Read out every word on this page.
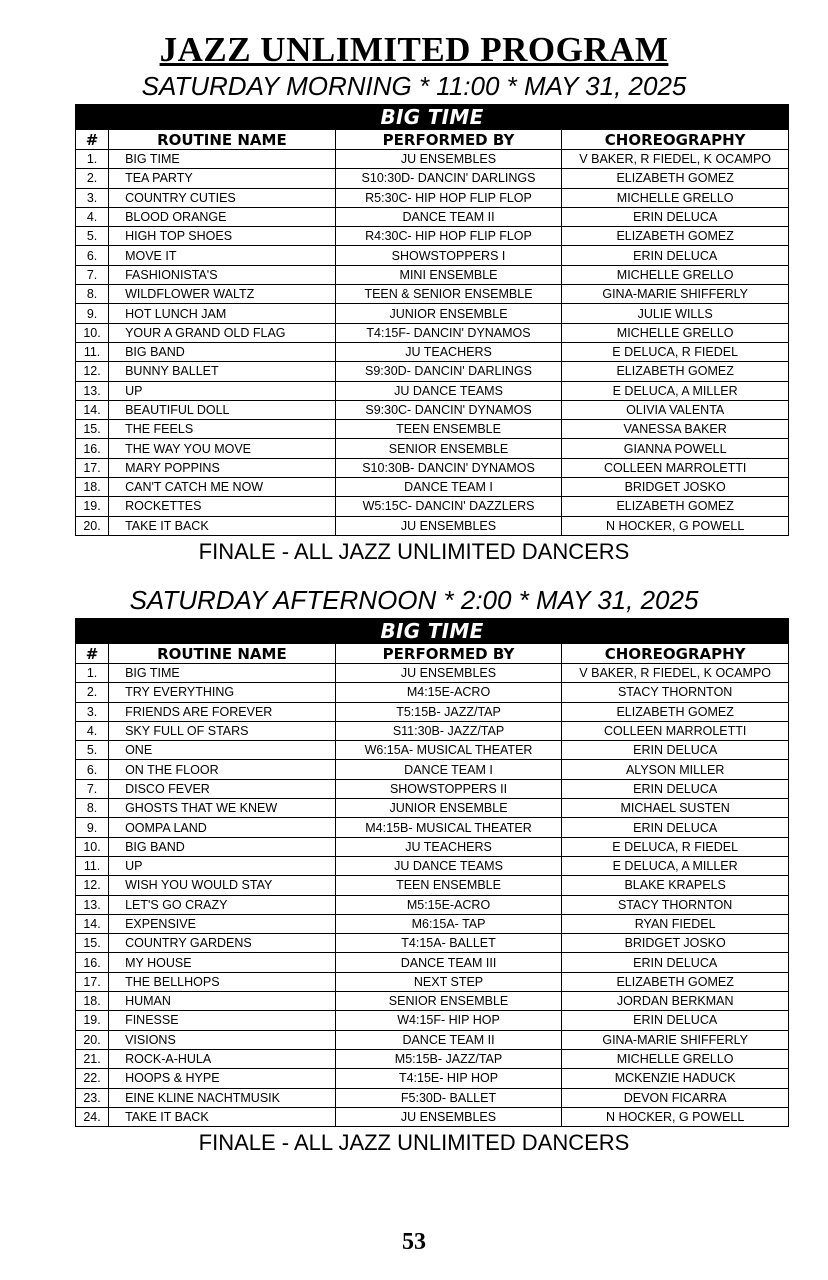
JAZZ UNLIMITED PROGRAM
SATURDAY MORNING * 11:00 * MAY 31, 2025
BIG TIME			
#	ROUTINE NAME	PERFORMED BY	CHOREOGRAPHY
1.	BIG TIME	JU ENSEMBLES	V BAKER, R FIEDEL, K OCAMPO
2.	TEA PARTY	S10:30D- DANCIN' DARLINGS	ELIZABETH GOMEZ
3.	COUNTRY CUTIES	R5:30C- HIP HOP FLIP FLOP	MICHELLE GRELLO
4.	BLOOD ORANGE	DANCE TEAM II	ERIN DELUCA
5.	HIGH TOP SHOES	R4:30C- HIP HOP FLIP FLOP	ELIZABETH GOMEZ
6.	MOVE IT	SHOWSTOPPERS I	ERIN DELUCA
7.	FASHIONISTA'S	MINI ENSEMBLE	MICHELLE GRELLO
8.	WILDFLOWER WALTZ	TEEN & SENIOR ENSEMBLE	GINA-MARIE SHIFFERLY
9.	HOT LUNCH JAM	JUNIOR ENSEMBLE	JULIE WILLS
10.	YOUR A GRAND OLD FLAG	T4:15F- DANCIN' DYNAMOS	MICHELLE GRELLO
11.	BIG BAND	JU TEACHERS	E DELUCA, R FIEDEL
12.	BUNNY BALLET	S9:30D- DANCIN' DARLINGS	ELIZABETH GOMEZ
13.	UP	JU DANCE TEAMS	E DELUCA, A MILLER
14.	BEAUTIFUL DOLL	S9:30C- DANCIN' DYNAMOS	OLIVIA VALENTA
15.	THE FEELS	TEEN ENSEMBLE	VANESSA BAKER
16.	THE WAY YOU MOVE	SENIOR ENSEMBLE	GIANNA POWELL
17.	MARY POPPINS	S10:30B- DANCIN' DYNAMOS	COLLEEN MARROLETTI
18.	CAN'T CATCH ME NOW	DANCE TEAM I	BRIDGET JOSKO
19.	ROCKETTES	W5:15C- DANCIN' DAZZLERS	ELIZABETH GOMEZ
20.	TAKE IT BACK	JU ENSEMBLES	N HOCKER, G POWELL
FINALE - ALL JAZZ UNLIMITED DANCERS
SATURDAY AFTERNOON * 2:00 * MAY 31, 2025
BIG TIME			
#	ROUTINE NAME	PERFORMED BY	CHOREOGRAPHY
1.	BIG TIME	JU ENSEMBLES	V BAKER, R FIEDEL, K OCAMPO
2.	TRY EVERYTHING	M4:15E-ACRO	STACY THORNTON
3.	FRIENDS ARE FOREVER	T5:15B- JAZZ/TAP	ELIZABETH GOMEZ
4.	SKY FULL OF STARS	S11:30B- JAZZ/TAP	COLLEEN MARROLETTI
5.	ONE	W6:15A- MUSICAL THEATER	ERIN DELUCA
6.	ON THE FLOOR	DANCE TEAM I	ALYSON MILLER
7.	DISCO FEVER	SHOWSTOPPERS II	ERIN DELUCA
8.	GHOSTS THAT WE KNEW	JUNIOR ENSEMBLE	MICHAEL SUSTEN
9.	OOMPA LAND	M4:15B- MUSICAL THEATER	ERIN DELUCA
10.	BIG BAND	JU TEACHERS	E DELUCA, R FIEDEL
11.	UP	JU DANCE TEAMS	E DELUCA, A MILLER
12.	WISH YOU WOULD STAY	TEEN ENSEMBLE	BLAKE KRAPELS
13.	LET'S GO CRAZY	M5:15E-ACRO	STACY THORNTON
14.	EXPENSIVE	M6:15A- TAP	RYAN FIEDEL
15.	COUNTRY GARDENS	T4:15A- BALLET	BRIDGET JOSKO
16.	MY HOUSE	DANCE TEAM III	ERIN DELUCA
17.	THE BELLHOPS	NEXT STEP	ELIZABETH GOMEZ
18.	HUMAN	SENIOR ENSEMBLE	JORDAN BERKMAN
19.	FINESSE	W4:15F- HIP HOP	ERIN DELUCA
20.	VISIONS	DANCE TEAM II	GINA-MARIE SHIFFERLY
21.	ROCK-A-HULA	M5:15B- JAZZ/TAP	MICHELLE GRELLO
22.	HOOPS & HYPE	T4:15E- HIP HOP	MCKENZIE HADUCK
23.	EINE KLINE NACHTMUSIK	F5:30D- BALLET	DEVON FICARRA
24.	TAKE IT BACK	JU ENSEMBLES	N HOCKER, G POWELL
FINALE - ALL JAZZ UNLIMITED DANCERS
53
